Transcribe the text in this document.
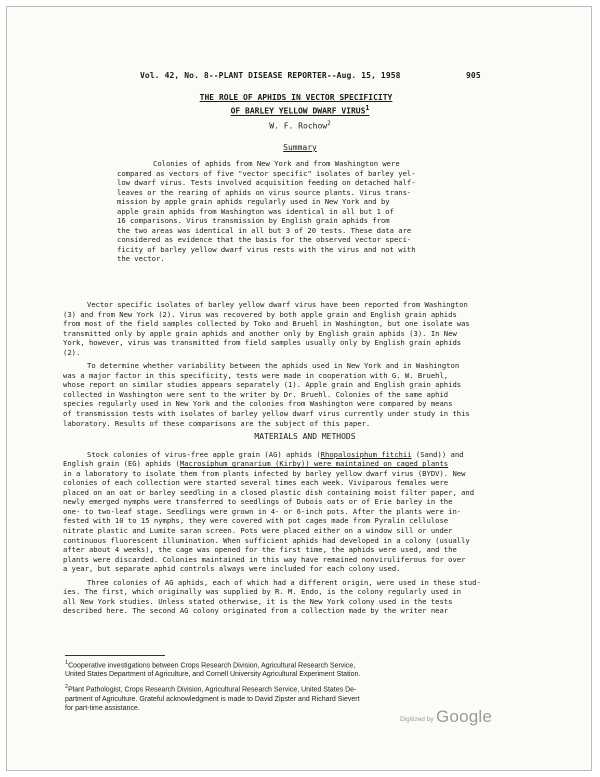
Vol. 42, No. 8--PLANT DISEASE REPORTER--Aug. 15, 1958	905
THE ROLE OF APHIDS IN VECTOR SPECIFICITY
OF BARLEY YELLOW DWARF VIRUS$^1$
W. F. Rochow$^2$
Summary
Colonies of aphids from New York and from Washington were
compared as vectors of five "vector specific" isolates of barley yel-
low dwarf virus. Tests involved acquisition feeding on detached half-
leaves or the rearing of aphids on virus source plants. Virus trans-
mission by apple grain aphids regularly used in New York and by
apple grain aphids from Washington was identical in all but 1 of
16 comparisons. Virus transmission by English grain aphids from
the two areas was identical in all but 3 of 20 tests. These data are
considered as evidence that the basis for the observed vector speci-
ficity of barley yellow dwarf virus rests with the virus and not with
the vector.

Vector specific isolates of barley yellow dwarf virus have been reported from Washington
(3) and from New York (2). Virus was recovered by both apple grain and English grain aphids
from most of the field samples collected by Toko and Bruehl in Washington, but one isolate was
transmitted only by apple grain aphids and another only by English grain aphids (3). In New
York, however, virus was transmitted from field samples usually only by English grain aphids
(2).

To determine whether variability between the aphids used in New York and in Washington
was a major factor in this specificity, tests were made in cooperation with G. W. Bruehl,
whose report on similar studies appears separately (1). Apple grain and English grain aphids
collected in Washington were sent to the writer by Dr. Bruehl. Colonies of the same aphid
species regularly used in New York and the colonies from Washington were compared by means
of transmission tests with isolates of barley yellow dwarf virus currently under study in this
laboratory. Results of these comparisons are the subject of this paper.

MATERIALS AND METHODS

Stock colonies of virus-free apple grain (AG) aphids (Rhopalosiphum fitchii (Sand)) and
English grain (EG) aphids (Macrosiphum granarium (Kirby)) were maintained on caged plants
in a laboratory to isolate them from plants infected by barley yellow dwarf virus (BYDV). New
colonies of each collection were started several times each week. Viviparous females were
placed on an oat or barley seedling in a closed plastic dish containing moist filter paper, and
newly emerged nymphs were transferred to seedlings of Dubois oats or of Erie barley in the
one- to two-leaf stage. Seedlings were grown in 4- or 6-inch pots. After the plants were in-
fested with 10 to 15 nymphs, they were covered with pot cages made from Pyralin cellulose
nitrate plastic and Lumite saran screen. Pots were placed either on a window sill or under
continuous fluorescent illumination. When sufficient aphids had developed in a colony (usually
after about 4 weeks), the cage was opened for the first time, the aphids were used, and the
plants were discarded. Colonies maintained in this way have remained nonviruliferous for over
a year, but separate aphid controls always were included for each colony used.

Three colonies of AG aphids, each of which had a different origin, were used in these stud-
ies. The first, which originally was supplied by R. M. Endo, is the colony regularly used in
all New York studies. Unless stated otherwise, it is the New York colony used in the tests
described here. The second AG colony originated from a collection made by the writer near

$^1$Cooperative investigations between Crops Research Division, Agricultural Research Service,
United States Department of Agriculture, and Cornell University Agricultural Experiment Station.

$^2$Plant Pathologist, Crops Research Division, Agricultural Research Service, United States De-
partment of Agriculture. Grateful acknowledgment is made to David Zipster and Richard Sievert
for part-time assistance.

Digitized by Google
